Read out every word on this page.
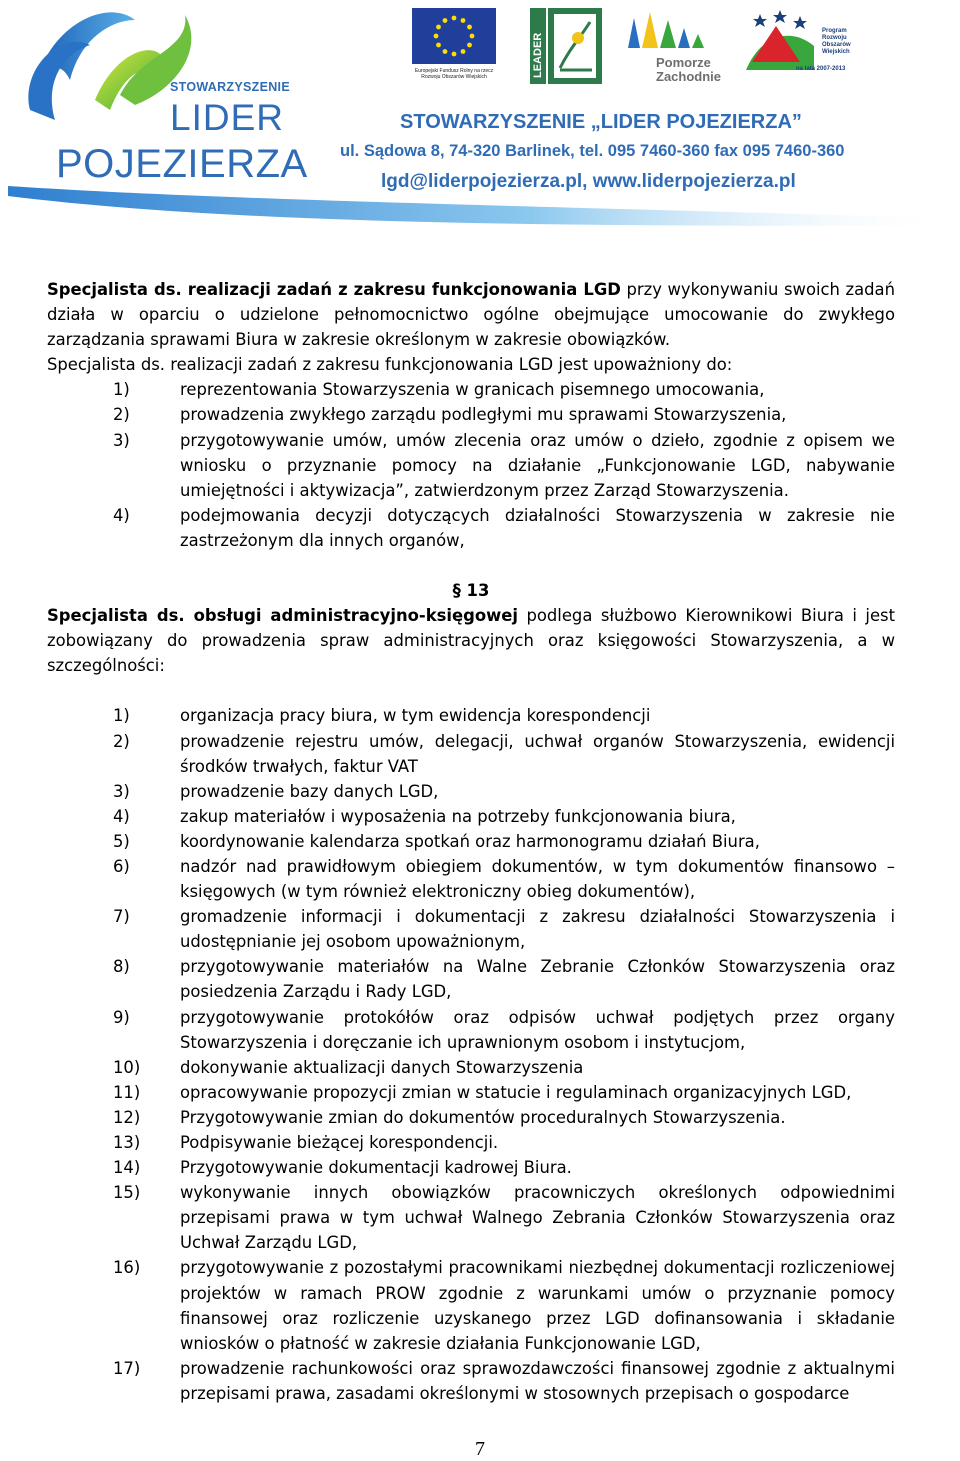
STOWARZYSZENIE
LIDER
POJEZIERZA
Europejski Fundusz Rolny na rzecz Rozwoju Obszarów Wiejskich	LEADER	Pomorze
Zachodnie
Program
Rozwoju
Obszarów
Wiejskich
na lata 2007-2013
STOWARZYSZENIE „LIDER POJEZIERZA”
ul. Sądowa 8, 74-320 Barlinek, tel. 095 7460-360 fax 095 7460-360
lgd@liderpojezierza.pl, www.liderpojezierza.pl

Specjalista ds. realizacji zadań z zakresu funkcjonowania LGD przy wykonywaniu swoich zadań działa w oparciu o udzielone pełnomocnictwo ogólne obejmujące umocowanie do zwykłego zarządzania sprawami Biura w zakresie określonym w zakresie obowiązków.

Specjalista ds. realizacji zadań z zakresu funkcjonowania LGD jest upoważniony do:

1)	reprezentowania Stowarzyszenia w granicach pisemnego umocowania,
2)	prowadzenia zwykłego zarządu podległymi mu sprawami Stowarzyszenia,
3)	przygotowywanie umów, umów zlecenia oraz umów o dzieło, zgodnie z opisem we wniosku o przyznanie pomocy na działanie „Funkcjonowanie LGD, nabywanie umiejętności i aktywizacja”, zatwierdzonym przez Zarząd Stowarzyszenia.
4)	podejmowania decyzji dotyczących działalności Stowarzyszenia w zakresie nie zastrzeżonym dla innych organów,
§ 13

Specjalista ds. obsługi administracyjno-księgowej podlega służbowo Kierownikowi Biura i jest zobowiązany do prowadzenia spraw administracyjnych oraz księgowości Stowarzyszenia, a w szczególności:

1)	organizacja pracy biura, w tym ewidencja korespondencji
2)	prowadzenie rejestru umów, delegacji, uchwał organów Stowarzyszenia, ewidencji środków trwałych, faktur VAT
3)	prowadzenie bazy danych LGD,
4)	zakup materiałów i wyposażenia na potrzeby funkcjonowania biura,
5)	koordynowanie kalendarza spotkań oraz harmonogramu działań Biura,
6)	nadzór nad prawidłowym obiegiem dokumentów, w tym dokumentów finansowo – księgowych (w tym również elektroniczny obieg dokumentów),
7)	gromadzenie informacji i dokumentacji z zakresu działalności Stowarzyszenia i udostępnianie jej osobom upoważnionym,
8)	przygotowywanie materiałów na Walne Zebranie Członków Stowarzyszenia oraz posiedzenia Zarządu i Rady LGD,
9)	przygotowywanie protokółów oraz odpisów uchwał podjętych przez organy Stowarzyszenia i doręczanie ich uprawnionym osobom i instytucjom,
10) dokonywanie aktualizacji danych Stowarzyszenia
11) opracowywanie propozycji zmian w statucie i regulaminach organizacyjnych LGD,
12) Przygotowywanie zmian do dokumentów proceduralnych Stowarzyszenia.
13) Podpisywanie bieżącej korespondencji.
14) Przygotowywanie dokumentacji kadrowej Biura.
15) wykonywanie innych obowiązków pracowniczych określonych odpowiednimi przepisami prawa w tym uchwał Walnego Zebrania Członków Stowarzyszenia oraz Uchwał Zarządu LGD,
16) przygotowywanie z pozostałymi pracownikami niezbędnej dokumentacji rozliczeniowej projektów w ramach PROW zgodnie z warunkami umów o przyznanie pomocy finansowej oraz rozliczenie uzyskanego przez LGD dofinansowania i składanie wniosków o płatność w zakresie działania Funkcjonowanie LGD,
17) prowadzenie rachunkowości oraz sprawozdawczości finansowej zgodnie z aktualnymi przepisami prawa, zasadami określonymi w stosownych przepisach o gospodarce
7
